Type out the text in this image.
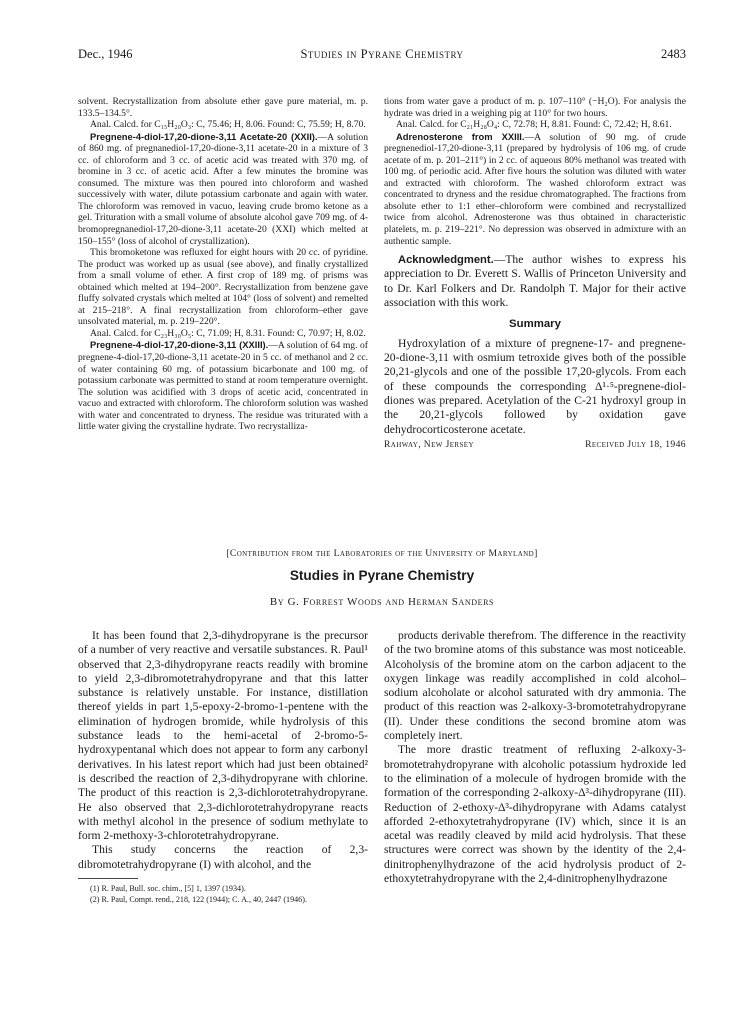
Dec., 1946	Studies in Pyrane Chemistry	2483

solvent. Recrystallization from absolute ether gave pure material, m. p. 133.5–134.5°.

Anal. Calcd. for C₁₅H₂₀O₃: C, 75.46; H, 8.06. Found: C, 75.59; H, 8.70.

Pregnene-4-diol-17,20-dione-3,11 Acetate-20 (XXII).—A solution of 860 mg. of pregnanediol-17,20-dione-3,11 acetate-20 in a mixture of 3 cc. of chloroform and 3 cc. of acetic acid was treated with 370 mg. of bromine in 3 cc. of acetic acid. After a few minutes the bromine was consumed. The mixture was then poured into chloroform and washed successively with water, dilute potassium carbonate and again with water. The chloroform was removed in vacuo, leaving crude bromo ketone as a gel. Trituration with a small volume of absolute alcohol gave 709 mg. of 4-bromopregnanediol-17,20-dione-3,11 acetate-20 (XXI) which melted at 150–155° (loss of alcohol of crystallization).

This bromoketone was refluxed for eight hours with 20 cc. of pyridine. The product was worked up as usual (see above), and finally crystallized from a small volume of ether. A first crop of 189 mg. of prisms was obtained which melted at 194–200°. Recrystallization from benzene gave fluffy solvated crystals which melted at 104° (loss of solvent) and remelted at 215–218°. A final recrystallization from chloroform–ether gave unsolvated material, m. p. 219–220°.

Anal. Calcd. for C₂₃H₃₀O₅: C, 71.09; H, 8.31. Found: C, 70.97; H, 8.02.

Pregnene-4-diol-17,20-dione-3,11 (XXIII).—A solution of 64 mg. of pregnene-4-diol-17,20-dione-3,11 acetate-20 in 5 cc. of methanol and 2 cc. of water containing 60 mg. of potassium bicarbonate and 100 mg. of potassium carbonate was permitted to stand at room temperature overnight. The solution was acidified with 3 drops of acetic acid, concentrated in vacuo and extracted with chloroform. The chloroform solution was washed with water and concentrated to dryness. The residue was triturated with a little water giving the crystalline hydrate. Two recrystalliza-

tions from water gave a product of m. p. 107–110° (−H₂O). For analysis the hydrate was dried in a weighing pig at 110° for two hours.

Anal. Calcd. for C₂₁H₂₈O₄: C, 72.78; H, 8.81. Found: C, 72.42; H, 8.61.

Adrenosterone from XXIII.—A solution of 90 mg. of crude pregnenediol-17,20-dione-3,11 (prepared by hydrolysis of 106 mg. of crude acetate of m. p. 201–211°) in 2 cc. of aqueous 80% methanol was treated with 100 mg. of periodic acid. After five hours the solution was diluted with water and extracted with chloroform. The washed chloroform extract was concentrated to dryness and the residue chromatographed. The fractions from absolute ether to 1:1 ether–chloroform were combined and recrystallized twice from alcohol. Adrenosterone was thus obtained in characteristic platelets, m. p. 219–221°. No depression was observed in admixture with an authentic sample.

Acknowledgment.—The author wishes to express his appreciation to Dr. Everett S. Wallis of Princeton University and to Dr. Karl Folkers and Dr. Randolph T. Major for their active association with this work.

Summary

Hydroxylation of a mixture of pregnene-17- and pregnene-20-dione-3,11 with osmium tetroxide gives both of the possible 20,21-glycols and one of the possible 17,20-glycols. From each of these compounds the corresponding Δ¹·⁵-pregnene-diol-diones was prepared. Acetylation of the C-21 hydroxyl group in the 20,21-glycols followed by oxidation gave dehydrocorticosterone acetate.

Rahway, New Jersey	Received July 18, 1946
[Contribution from the Laboratories of the University of Maryland]
Studies in Pyrane Chemistry
By G. Forrest Woods and Herman Sanders

It has been found that 2,3-dihydropyrane is the precursor of a number of very reactive and versatile substances. R. Paul¹ observed that 2,3-dihydropyrane reacts readily with bromine to yield 2,3-dibromotetrahydropyrane and that this latter substance is relatively unstable. For instance, distillation thereof yields in part 1,5-epoxy-2-bromo-1-pentene with the elimination of hydrogen bromide, while hydrolysis of this substance leads to the hemi-acetal of 2-bromo-5-hydroxypentanal which does not appear to form any carbonyl derivatives. In his latest report which had just been obtained² is described the reaction of 2,3-dihydropyrane with chlorine. The product of this reaction is 2,3-dichlorotetrahydropyrane. He also observed that 2,3-dichlorotetrahydropyrane reacts with methyl alcohol in the presence of sodium methylate to form 2-methoxy-3-chlorotetrahydropyrane.

This study concerns the reaction of 2,3-dibromotetrahydropyrane (I) with alcohol, and the

(1) R. Paul, Bull. soc. chim., [5] 1, 1397 (1934).
(2) R. Paul, Compt. rend., 218, 122 (1944); C. A., 40, 2447 (1946).

products derivable therefrom. The difference in the reactivity of the two bromine atoms of this substance was most noticeable. Alcoholysis of the bromine atom on the carbon adjacent to the oxygen linkage was readily accomplished in cold alcohol–sodium alcoholate or alcohol saturated with dry ammonia. The product of this reaction was 2-alkoxy-3-bromotetrahydropyrane (II). Under these conditions the second bromine atom was completely inert.

The more drastic treatment of refluxing 2-alkoxy-3-bromotetrahydropyrane with alcoholic potassium hydroxide led to the elimination of a molecule of hydrogen bromide with the formation of the corresponding 2-alkoxy-Δ³-dihydropyrane (III). Reduction of 2-ethoxy-Δ³-dihydropyrane with Adams catalyst afforded 2-ethoxytetrahydropyrane (IV) which, since it is an acetal was readily cleaved by mild acid hydrolysis. That these structures were correct was shown by the identity of the 2,4-dinitrophenylhydrazone of the acid hydrolysis product of 2-ethoxytetrahydropyrane with the 2,4-dinitrophenylhydrazone
